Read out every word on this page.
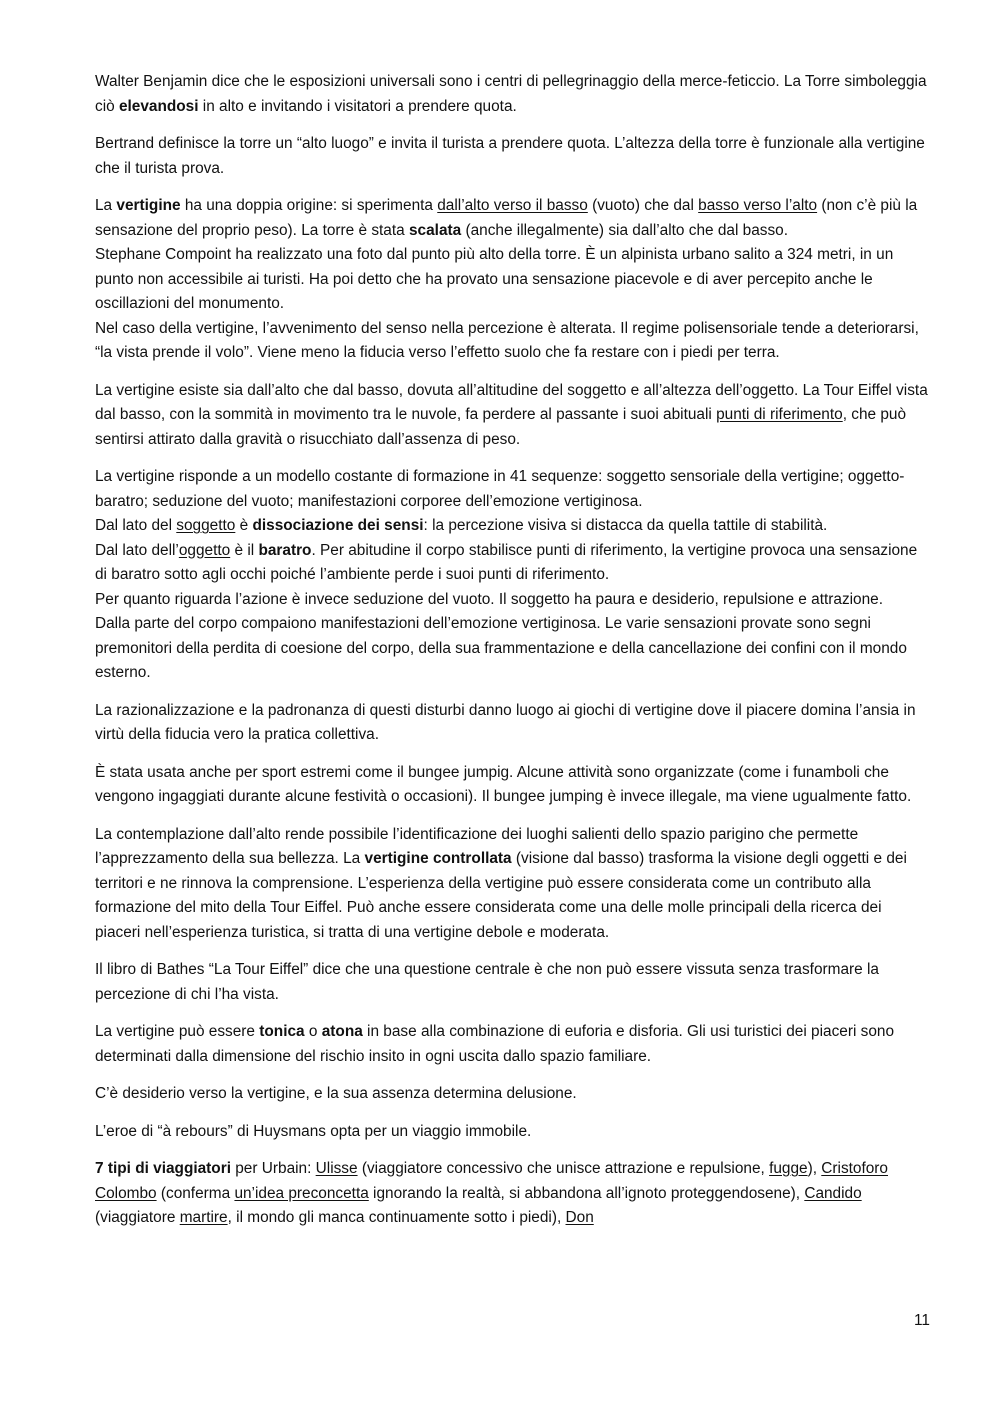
Walter Benjamin dice che le esposizioni universali sono i centri di pellegrinaggio della merce-feticcio. La Torre simboleggia ciò elevandosi in alto e invitando i visitatori a prendere quota.

Bertrand definisce la torre un “alto luogo” e invita il turista a prendere quota. L’altezza della torre è funzionale alla vertigine che il turista prova.

La vertigine ha una doppia origine: si sperimenta dall’alto verso il basso (vuoto) che dal basso verso l’alto (non c’è più la sensazione del proprio peso). La torre è stata scalata (anche illegalmente) sia dall’alto che dal basso.
Stephane Compoint ha realizzato una foto dal punto più alto della torre. È un alpinista urbano salito a 324 metri, in un punto non accessibile ai turisti. Ha poi detto che ha provato una sensazione piacevole e di aver percepito anche le oscillazioni del monumento.
Nel caso della vertigine, l’avvenimento del senso nella percezione è alterata. Il regime polisensoriale tende a deteriorarsi, “la vista prende il volo”. Viene meno la fiducia verso l’effetto suolo che fa restare con i piedi per terra.

La vertigine esiste sia dall’alto che dal basso, dovuta all’altitudine del soggetto e all’altezza dell’oggetto. La Tour Eiffel vista dal basso, con la sommità in movimento tra le nuvole, fa perdere al passante i suoi abituali punti di riferimento, che può sentirsi attirato dalla gravità o risucchiato dall’assenza di peso.

La vertigine risponde a un modello costante di formazione in 41 sequenze: soggetto sensoriale della vertigine; oggetto-baratro; seduzione del vuoto; manifestazioni corporee dell’emozione vertiginosa.
Dal lato del soggetto è dissociazione dei sensi: la percezione visiva si distacca da quella tattile di stabilità.
Dal lato dell’oggetto è il baratro. Per abitudine il corpo stabilisce punti di riferimento, la vertigine provoca una sensazione di baratro sotto agli occhi poiché l’ambiente perde i suoi punti di riferimento.
Per quanto riguarda l’azione è invece seduzione del vuoto. Il soggetto ha paura e desiderio, repulsione e attrazione.
Dalla parte del corpo compaiono manifestazioni dell’emozione vertiginosa. Le varie sensazioni provate sono segni premonitori della perdita di coesione del corpo, della sua frammentazione e della cancellazione dei confini con il mondo esterno.

La razionalizzazione e la padronanza di questi disturbi danno luogo ai giochi di vertigine dove il piacere domina l’ansia in virtù della fiducia vero la pratica collettiva.

È stata usata anche per sport estremi come il bungee jumpig. Alcune attività sono organizzate (come i funamboli che vengono ingaggiati durante alcune festività o occasioni). Il bungee jumping è invece illegale, ma viene ugualmente fatto.

La contemplazione dall’alto rende possibile l’identificazione dei luoghi salienti dello spazio parigino che permette l’apprezzamento della sua bellezza. La vertigine controllata (visione dal basso) trasforma la visione degli oggetti e dei territori e ne rinnova la comprensione. L’esperienza della vertigine può essere considerata come un contributo alla formazione del mito della Tour Eiffel. Può anche essere considerata come una delle molle principali della ricerca dei piaceri nell’esperienza turistica, si tratta di una vertigine debole e moderata.

Il libro di Bathes “La Tour Eiffel” dice che una questione centrale è che non può essere vissuta senza trasformare la percezione di chi l’ha vista.

La vertigine può essere tonica o atona in base alla combinazione di euforia e disforia. Gli usi turistici dei piaceri sono determinati dalla dimensione del rischio insito in ogni uscita dallo spazio familiare.

C’è desiderio verso la vertigine, e la sua assenza determina delusione.

L’eroe di “à rebours” di Huysmans opta per un viaggio immobile.

7 tipi di viaggiatori per Urbain: Ulisse (viaggiatore concessivo che unisce attrazione e repulsione, fugge), Cristoforo Colombo (conferma un’idea preconcetta ignorando la realtà, si abbandona all’ignoto proteggendosene), Candido (viaggiatore martire, il mondo gli manca continuamente sotto i piedi), Don

11
